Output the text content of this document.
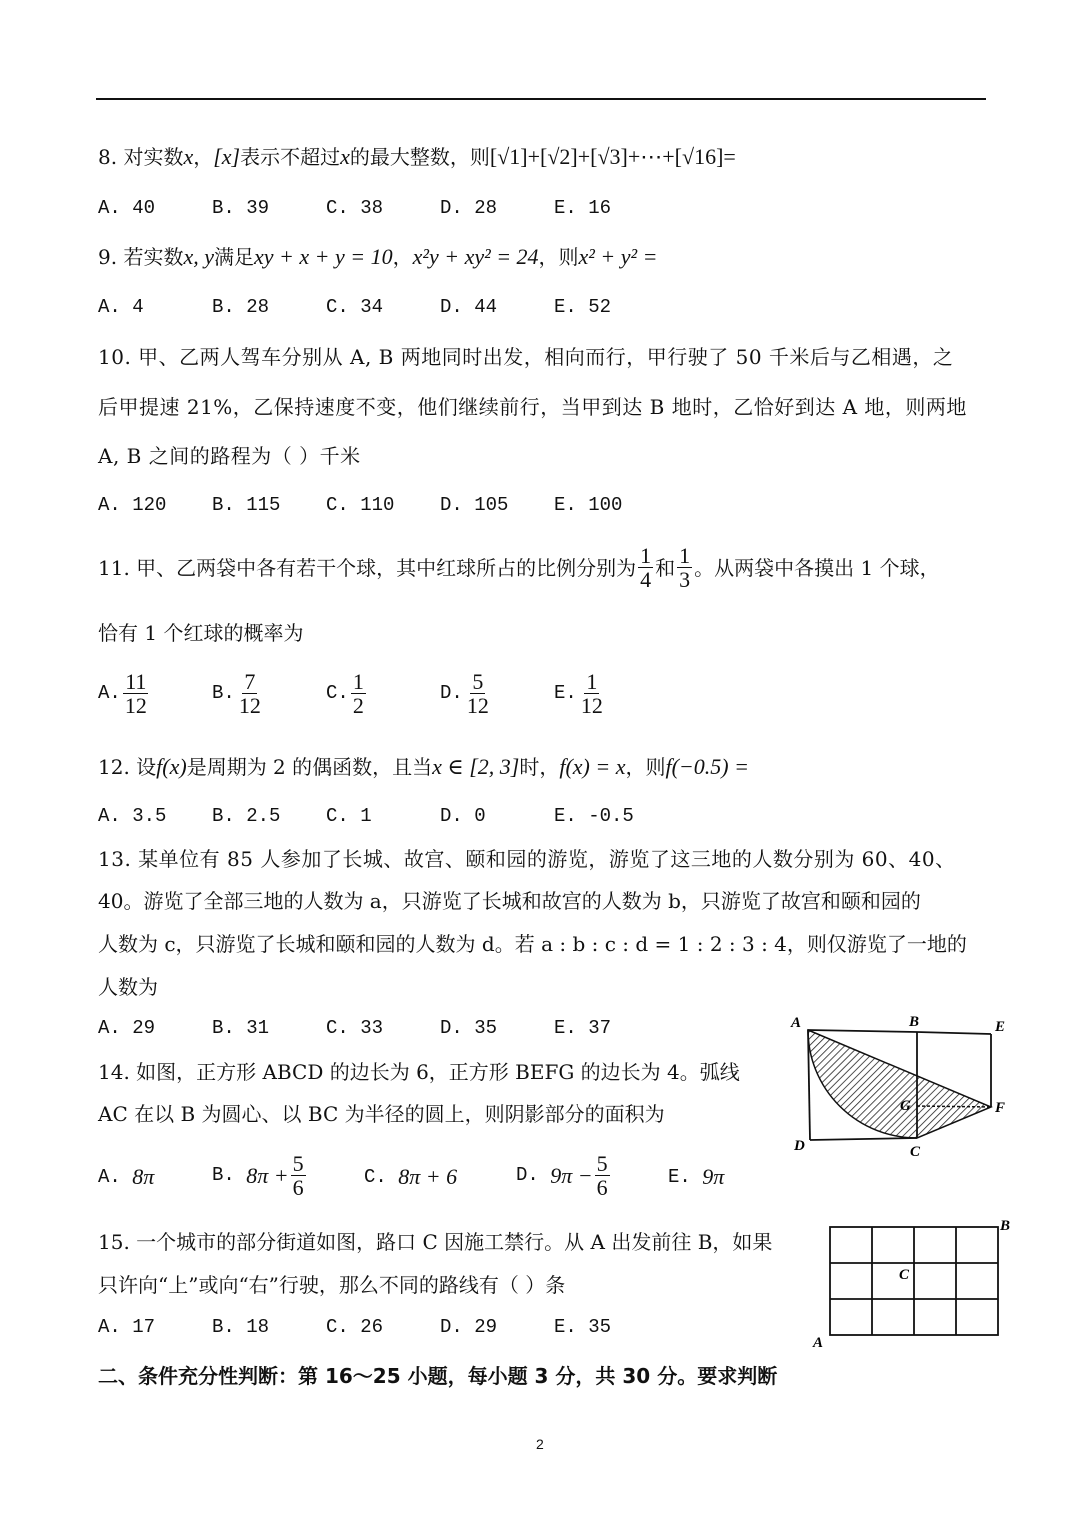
8. 对实数x，[x]表示不超过x的最大整数，则[√1]+[√2]+[√3]+⋯+[√16]=
A. 40	B. 39	C. 38	D. 28	E. 16
9. 若实数x, y满足xy + x + y = 10，x²y + xy² = 24，则x² + y² =
A. 4	B. 28	C. 34	D. 44	E. 52
10. 甲、乙两人驾车分别从 A, B 两地同时出发，相向而行，甲行驶了 50 千米后与乙相遇，之
后甲提速 21%，乙保持速度不变，他们继续前行，当甲到达 B 地时，乙恰好到达 A 地，则两地
A, B 之间的路程为（ ）千米
A. 120 B. 115 C. 110 D. 105 E. 100
11. 甲、乙两袋中各有若干个球，其中红球所占的比例分别为 $\frac{1}{4}$ 和 $\frac{1}{3}$ 。从两袋中各摸出 1 个球，
恰有 1 个红球的概率为
A. $\frac{11}{12}$	B. $\frac{7}{12}$	C. $\frac{1}{2}$	D. $\frac{5}{12}$	E. $\frac{1}{12}$
12. 设f(x)是周期为 2 的偶函数，且当x ∈ [2, 3]时，f(x) = x，则f(−0.5) =
A. 3.5 B. 2.5 C. 1	D. 0	E. -0.5
13. 某单位有 85 人参加了长城、故宫、颐和园的游览，游览了这三地的人数分别为 60、40、
40。游览了全部三地的人数为 a，只游览了长城和故宫的人数为 b，只游览了故宫和颐和园的
人数为 c，只游览了长城和颐和园的人数为 d。若 a : b : c : d = 1 : 2 : 3 : 4，则仅游览了一地的
人数为
A. 29	B. 31	C. 33	D. 35	E. 37
14. 如图，正方形 ABCD 的边长为 6，正方形 BEFG 的边长为 4。弧线
AC 在以 B 为圆心、以 BC 为半径的圆上，则阴影部分的面积为
A.
8π	B.
$8\pi + \frac{5}{6}$	C.
8π + 6	D.
$9\pi - \frac{5}{6}$	E.
9π
A	B	E
F
G
D	C
15. 一个城市的部分街道如图，路口 C 因施工禁行。从 A 出发前往 B，如果
只许向“上”或向“右”行驶，那么不同的路线有（ ）条
A. 17	B. 18	C. 26	D. 29	E. 35
A
B
C
二、条件充分性判断：第 16～25 小题，每小题 3 分，共 30 分。要求判断
2
